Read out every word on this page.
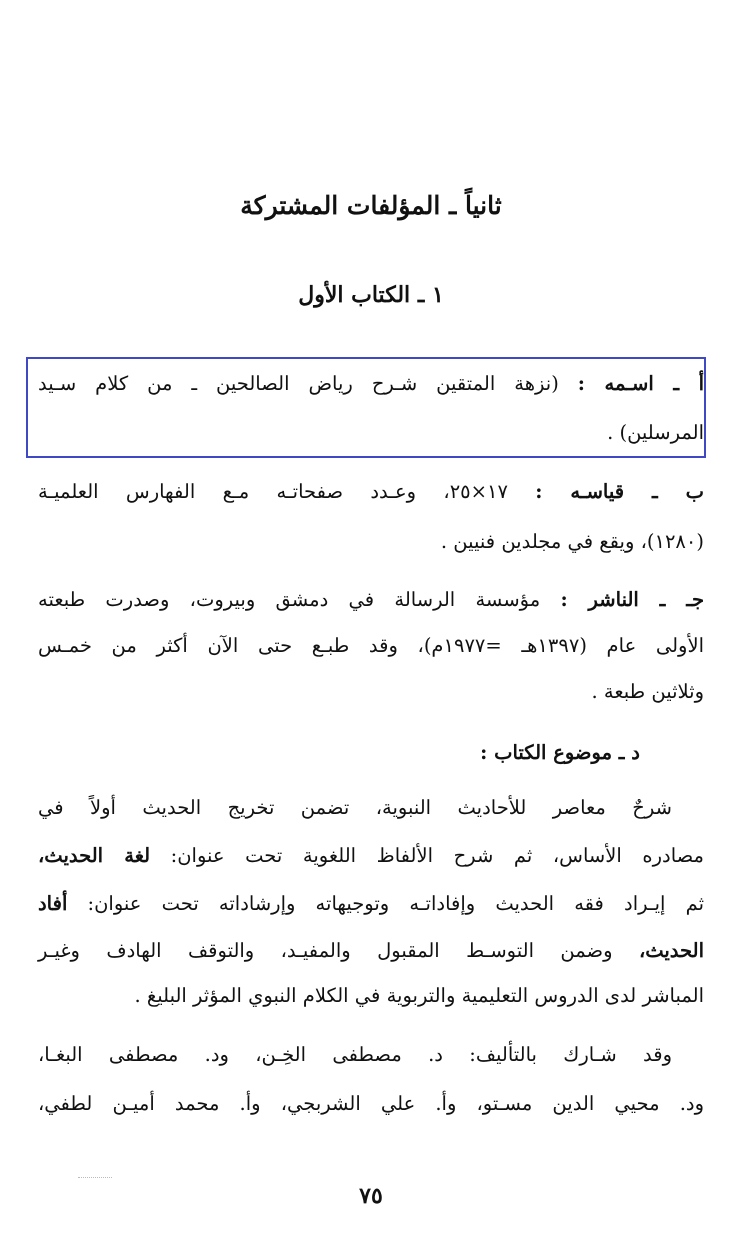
ثانياً ـ المؤلفات المشتركة
١ ـ الكتاب الأول
أ ـ اسـمه : (نزهة المتقين شـرح رياض الصالحين ـ من كلام سـيد
المرسلين) .
ب ـ قياسـه : ١٧×٢٥، وعـدد صفحاتـه مـع الفهارس العلميـة
(١٢٨٠)، ويقع في مجلدين فنيين .
جـ ـ الناشر : مؤسسة الرسالة في دمشق وبيروت، وصدرت طبعته
الأولى عام (١٣٩٧هـ =١٩٧٧م)، وقد طبـع حتى الآن أكثر من خمـس
وثلاثين طبعة .
د ـ موضوع الكتاب :
شرحٌ معاصر للأحاديث النبوية، تضمن تخريج الحديث أولاً في
مصادره الأساس، ثم شرح الألفاظ اللغوية تحت عنوان: لغة الحديث،
ثم إيـراد فقه الحديث وإفاداتـه وتوجيهاته وإرشاداته تحت عنوان: أفاد
الحديث، وضمن التوسـط المقبول والمفيـد، والتوقف الهادف وغيـر
المباشر لدى الدروس التعليمية والتربوية في الكلام النبوي المؤثر البليغ .
وقد شـارك بالتأليف: د. مصطفى الخِـن، ود. مصطفى البغـا،
ود. محيي الدين مسـتو، وأ. علي الشربجي، وأ. محمد أميـن لطفي،
٧٥
